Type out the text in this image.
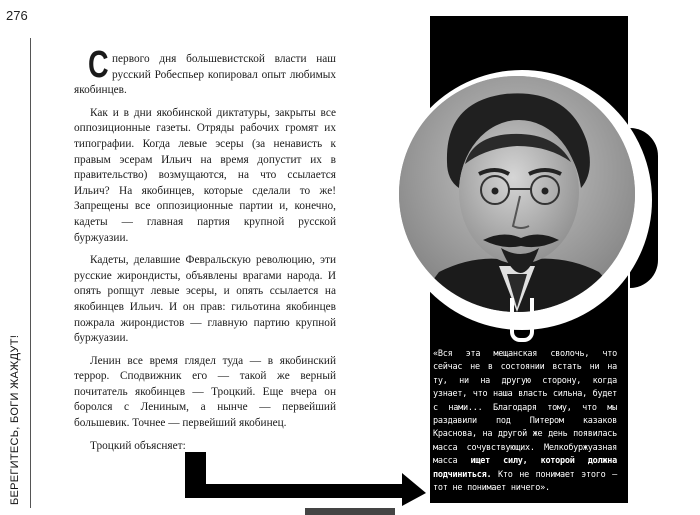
276
БЕРЕГИТЕСЬ, БОГИ ЖАЖДУТ!

Спервого дня большевистской власти наш русский Робеспьер копировал опыт любимых якобинцев.

Как и в дни якобинской диктатуры, закрыты все оппозиционные газеты. Отряды рабочих громят их типографии. Когда левые эсеры (за ненависть к правым эсерам Ильич на время допустит их в правительство) возмущаются, на что ссылается Ильич? На якобинцев, которые сделали то же! Запрещены все оппозиционные партии и, конечно, кадеты — главная партия крупной русской буржуазии.

Кадеты, делавшие Февральскую революцию, эти русские жирондисты, объявлены врагами народа. И опять ропщут левые эсеры, и опять ссылается на якобинцев Ильич. И он прав: гильотина якобинцев пожрала жирондистов — главную партию крупной буржуазии.

Ленин все время глядел туда — в якобинский террор. Сподвижник его — такой же верный почитатель якобинцев — Троцкий. Еще вчера он боролся с Лениным, а нынче — первейший большевик. Точнее — первейший якобинец.

Троцкий объясняет:

«Вся эта мещанская сволочь, что сейчас не в состоянии встать ни на ту, ни на другую сторону, когда узнает, что наша власть сильна, будет с нами... Благодаря тому, что мы раздавили под Питером казаков Краснова, на другой же день появилась масса сочувствующих. Мелкобуржуазная масса ищет силу, которой должна подчиниться. Кто не понимает этого — тот не понимает ничего».
